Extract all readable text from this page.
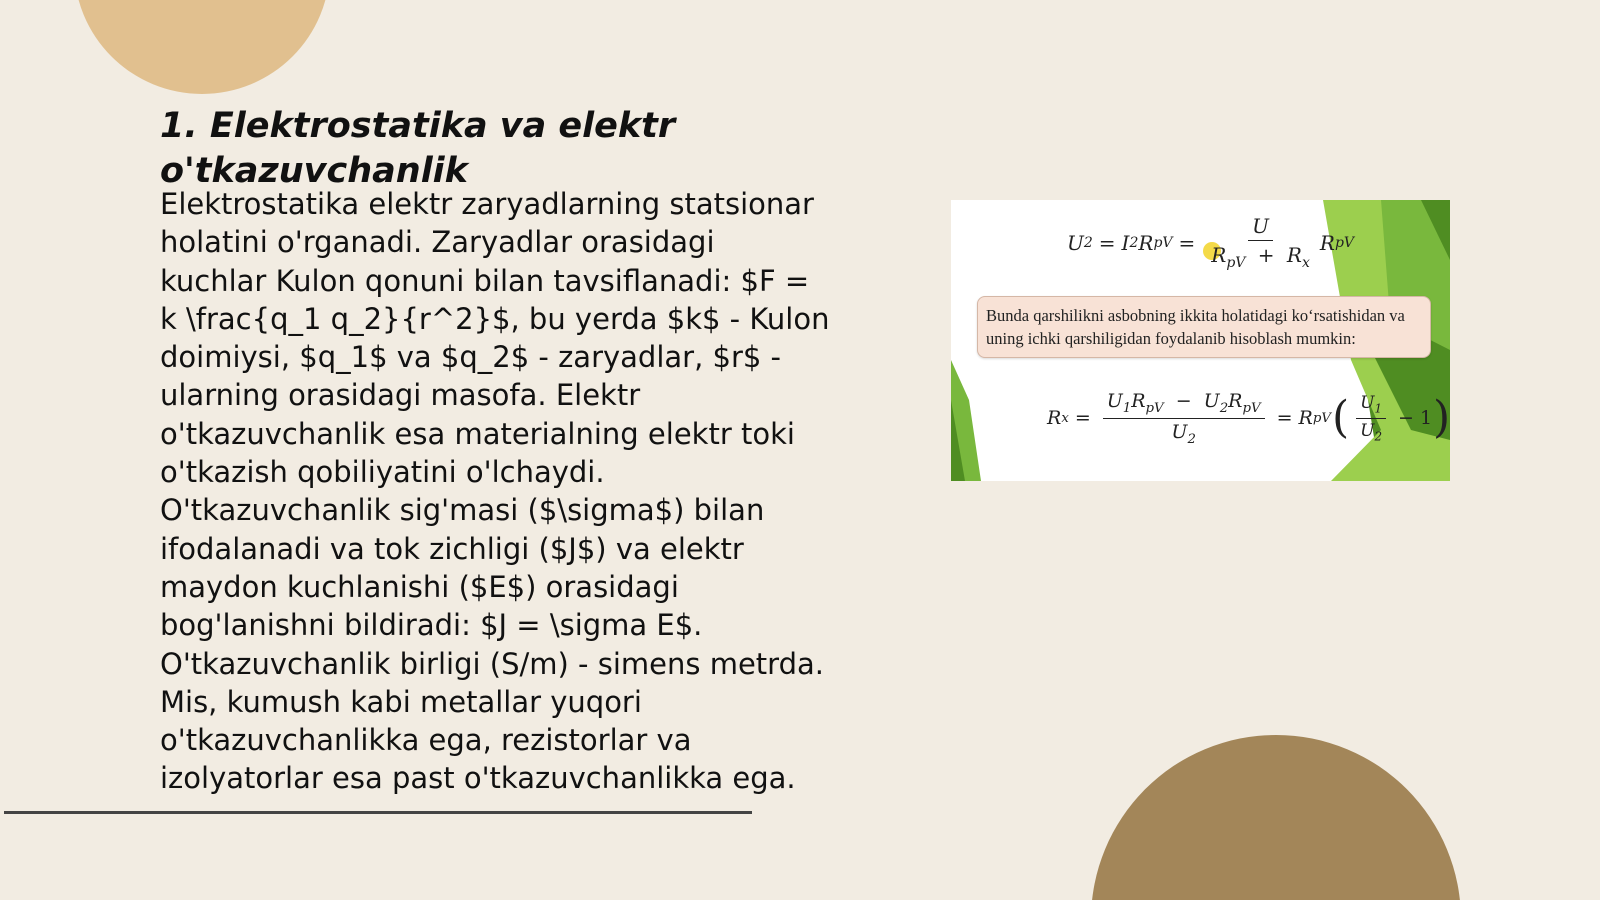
1. Elektrostatika va elektr o'tkazuvchanlik

Elektrostatika elektr zaryadlarning statsionar
holatini o'rganadi. Zaryadlar orasidagi
kuchlar Kulon qonuni bilan tavsiflanadi: $F =
k \frac{q_1 q_2}{r^2}$, bu yerda $k$ - Kulon
doimiysi, $q_1$ va $q_2$ - zaryadlar, $r$ -
ularning orasidagi masofa. Elektr
o'tkazuvchanlik esa materialning elektr toki
o'tkazish qobiliyatini o'lchaydi.
O'tkazuvchanlik sig'masi ($\sigma$) bilan
ifodalanadi va tok zichligi ($J$) va elektr
maydon kuchlanishi ($E$) orasidagi
bog'lanishni bildiradi: $J = \sigma E$.
O'tkazuvchanlik birligi (S/m) - simens metrda.
Mis, kumush kabi metallar yuqori
o'tkazuvchanlikka ega, rezistorlar va
izolyatorlar esa past o'tkazuvchanlikka ega.

U 2 = I 2 R pV = $\frac{U}{R_{pV} + R_x}$ R pV
Bunda qarshilikni asbobning ikkita holatidagi ko‘rsatishidan va uning ichki qarshiligidan foydalanib hisoblash mumkin:
R $x = \frac{U_1R_{pV} - U_2R_{pV}}{U_2} = R$ pV ( $\frac{U_1}{U_2} - 1$ )
